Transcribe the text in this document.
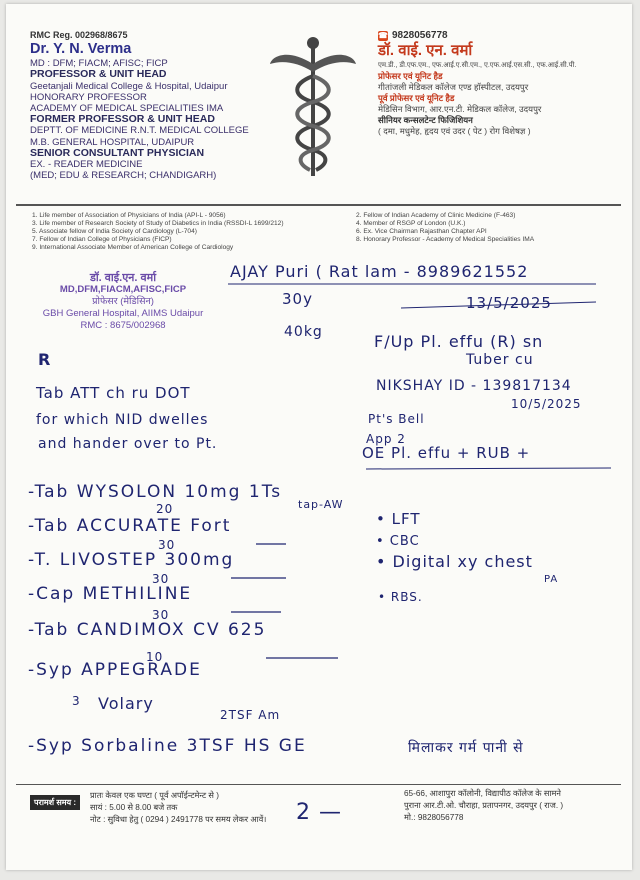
RMC Reg. 002968/8675
Dr. Y. N. Verma
MD : DFM; FIACM; AFISC; FICP
PROFESSOR & UNIT HEAD
Geetanjali Medical College & Hospital, Udaipur
HONORARY PROFESSOR
ACADEMY OF MEDICAL SPECIALITIES IMA
FORMER PROFESSOR & UNIT HEAD
DEPTT. OF MEDICINE R.N.T. MEDICAL COLLEGE
M.B. GENERAL HOSPITAL, UDAIPUR
SENIOR CONSULTANT PHYSICIAN
EX. - READER MEDICINE
(MED; EDU & RESEARCH; CHANDIGARH)
☎ 9828056778
डॉ. वाई. एन. वर्मा
एम.डी., डी.एफ.एम., एफ.आई.ए.सी.एम., ए.एफ.आई.एस.सी., एफ.आई.सी.पी.
प्रोफेसर एवं यूनिट हैड
गीतांजली मेडिकल कॉलेज एण्ड हॉस्पीटल, उदयपुर
पूर्व प्रोफेसर एवं यूनिट हैड
मेडिसिन विभाग, आर.एन.टी. मेडिकल कॉलेज, उदयपुर
सीनियर कन्सलटेन्ट फिजिशियन
( दमा, मधुमेह, हृदय एवं उदर ( पेट ) रोग विशेषज्ञ )
1. Life member of Association of Physicians of India (API-L - 9056)
3. Life member of Research Society of Study of Diabetics in India (RSSDI-L 1699/212)
5. Associate fellow of India Society of Cardiology (L-704)
7. Fellow of Indian College of Physicians (FICP)
9. International Associate Member of American College of Cardiology
2. Fellow of Indian Academy of Clinic Medicine (F-463)
4. Member of RSGP of London (U.K.)
6. Ex. Vice Chairman Rajasthan Chapter API
8. Honorary Professor - Academy of Medical Specialities IMA
डॉ. वाई.एन. वर्मा
MD,DFM,FIACM,AFISC,FICP
प्रोफेसर (मेडिसिन)
GBH General Hospital, AIIMS Udaipur
RMC : 8675/002968
AJAY Puri ( Rat lam - 8989621552
30y	13/5/2025
40kg	F/Up Pl. effu (R) sn
Tuber cu
R
NIKSHAY ID - 139817134
10/5/2025
Tab ATT ch ru DOT
for which NID dwelles
and hander over to Pt.
Pt's Bell
App 2
OE Pl. effu + RUB +
-Tab WYSOLON 10mg 1Ts
20	tap-AW
-Tab ACCURATE Fort
30
-T. LIVOSTEP 300mg
30
-Cap METHILINE
30
-Tab CANDIMOX CV 625
10
-Syp APPEGRADE
3 Volary
2TSF Am
-Syp Sorbaline 3TSF HS GE	मिलाकर गर्म पानी से
• LFT
• CBC
• Digital xy chest
PA
• RBS.
2 —
परामर्श समय :
प्रातः केवल एक घण्टा ( पूर्व अपॉईन्टमेन्ट से )
सायं : 5.00 से 8.00 बजे तक
नोट : सुविधा हेतु ( 0294 ) 2491778 पर समय लेकर आवें।
65-66, आशापुरा कॉलोनी, विद्यापीठ कॉलेज के सामने
पुराना आर.टी.ओ. चौराहा, प्रतापनगर, उदयपुर ( राज. )
मो.: 9828056778
